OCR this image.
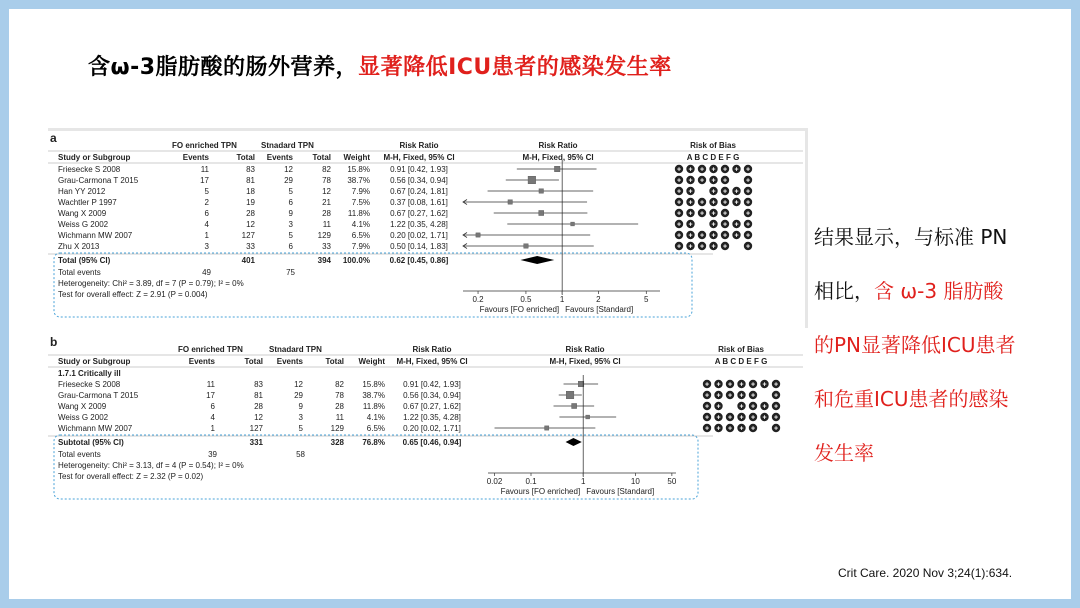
含ω-3脂肪酸的肠外营养，显著降低ICU患者的感染发生率
a
FO enriched TPN	Stnadard TPN	Risk Ratio	Risk Ratio	Risk of Bias
Study or Subgroup	Events	Total Events Total Weight M-H, Fixed, 95% CI	M-H, Fixed, 95% CI	A B C D E F G
Friesecke S 2008	11	83	12	82 15.8%	0.91 [0.42, 1.93]	+ + + + + + +
Grau-Carmona T 2015	17	81	29	78 38.7%	0.56 [0.34, 0.94]	+ + + + +	+
Han YY 2012	5	18	5	12	7.9%	0.67 [0.24, 1.81]	+ +	+ + + +
Wachtler P 1997	2	19	6	21	7.5%	0.37 [0.08, 1.61]	+ + + + + + +
Wang X 2009	6	28	9	28 11.8%	0.67 [0.27, 1.62]	+ + + + +	+
Weiss G 2002	4	12	3	11	4.1%	1.22 [0.35, 4.28]	+ +	+ + + +
Wichmann MW 2007	1	127	5	129	6.5%	0.20 [0.02, 1.71]	+ + + + + + +
Zhu X 2013	3	33	6	33	7.9%	0.50 [0.14, 1.83]	+ + + + +	+
Total (95% CI)	401	394 100.0% 0.62 [0.45, 0.86]
Total events	49	75
Heterogeneity: Chi² = 3.89, df = 7 (P = 0.79); I² = 0%
Test for overall effect: Z = 2.91 (P = 0.004)
0.2	0.5	1	2	5
Favours [FO enriched] Favours [Standard]
b
FO enriched TPN	Stnadard TPN	Risk Ratio	Risk Ratio	Risk of Bias
Study or Subgroup	Events	Total Events	Total Weight M-H, Fixed, 95% CI	M-H, Fixed, 95% CI	A B C D E F G
1.7.1 Critically ill
Friesecke S 2008	11	83	12	82 15.8% 0.91 [0.42, 1.93]	+ + + + + + +
Grau-Carmona T 2015	17	81	29	78 38.7% 0.56 [0.34, 0.94]	+ + + + +	+
Wang X 2009	6	28	9	28 11.8% 0.67 [0.27, 1.62]	+ +	+ + + +
Weiss G 2002	4	12	3	11	4.1% 1.22 [0.35, 4.28]	+ + + + + + +
Wichmann MW 2007	1	127	5	129	6.5% 0.20 [0.02, 1.71]	+ + + + +	+
Subtotal (95% CI)	331	328 76.8% 0.65 [0.46, 0.94]
Total events	39	58
Heterogeneity: Chi² = 3.13, df = 4 (P = 0.54); I² = 0%
Test for overall effect: Z = 2.32 (P = 0.02)
0.02	0.1	1	10	50
Favours [FO enriched] Favours [Standard]
结果显示，与标准 PN
相比，含 ω-3 脂肪酸
的PN显著降低ICU患者
和危重ICU患者的感染
发生率
Crit Care. 2020 Nov 3;24(1):634.
